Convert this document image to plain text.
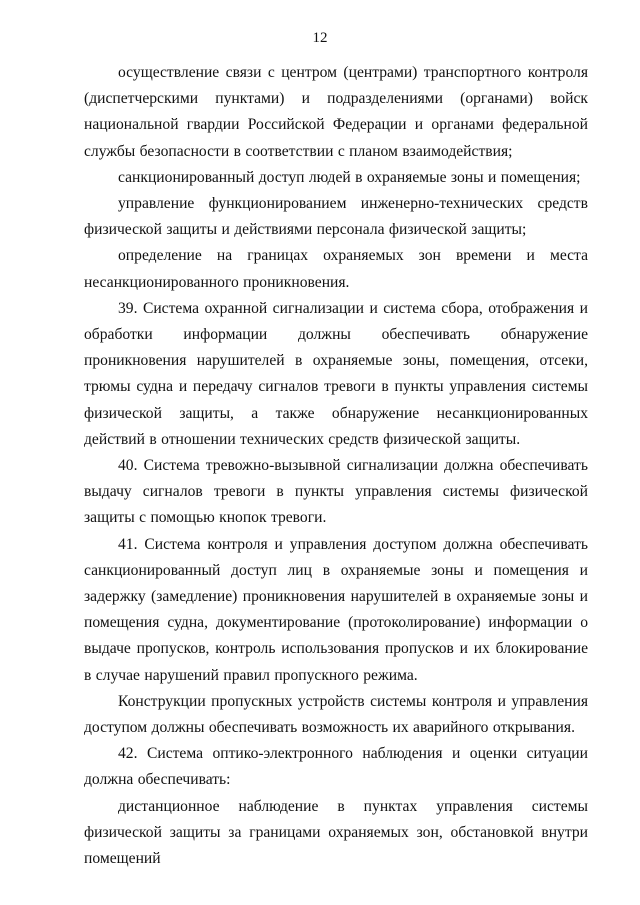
12

осуществление связи с центром (центрами) транспортного контроля (диспетчерскими пунктами) и подразделениями (органами) войск национальной гвардии Российской Федерации и органами федеральной службы безопасности в соответствии с планом взаимодействия;

санкционированный доступ людей в охраняемые зоны и помещения;

управление функционированием инженерно-технических средств физической защиты и действиями персонала физической защиты;

определение на границах охраняемых зон времени и места несанкционированного проникновения.

39. Система охранной сигнализации и система сбора, отображения и обработки информации должны обеспечивать обнаружение проникновения нарушителей в охраняемые зоны, помещения, отсеки, трюмы судна и передачу сигналов тревоги в пункты управления системы физической защиты, а также обнаружение несанкционированных действий в отношении технических средств физической защиты.

40. Система тревожно-вызывной сигнализации должна обеспечивать выдачу сигналов тревоги в пункты управления системы физической защиты с помощью кнопок тревоги.

41. Система контроля и управления доступом должна обеспечивать санкционированный доступ лиц в охраняемые зоны и помещения и задержку (замедление) проникновения нарушителей в охраняемые зоны и помещения судна, документирование (протоколирование) информации о выдаче пропусков, контроль использования пропусков и их блокирование в случае нарушений правил пропускного режима.

Конструкции пропускных устройств системы контроля и управления доступом должны обеспечивать возможность их аварийного открывания.

42. Система оптико-электронного наблюдения и оценки ситуации должна обеспечивать:

дистанционное наблюдение в пунктах управления системы физической защиты за границами охраняемых зон, обстановкой внутри помещений
